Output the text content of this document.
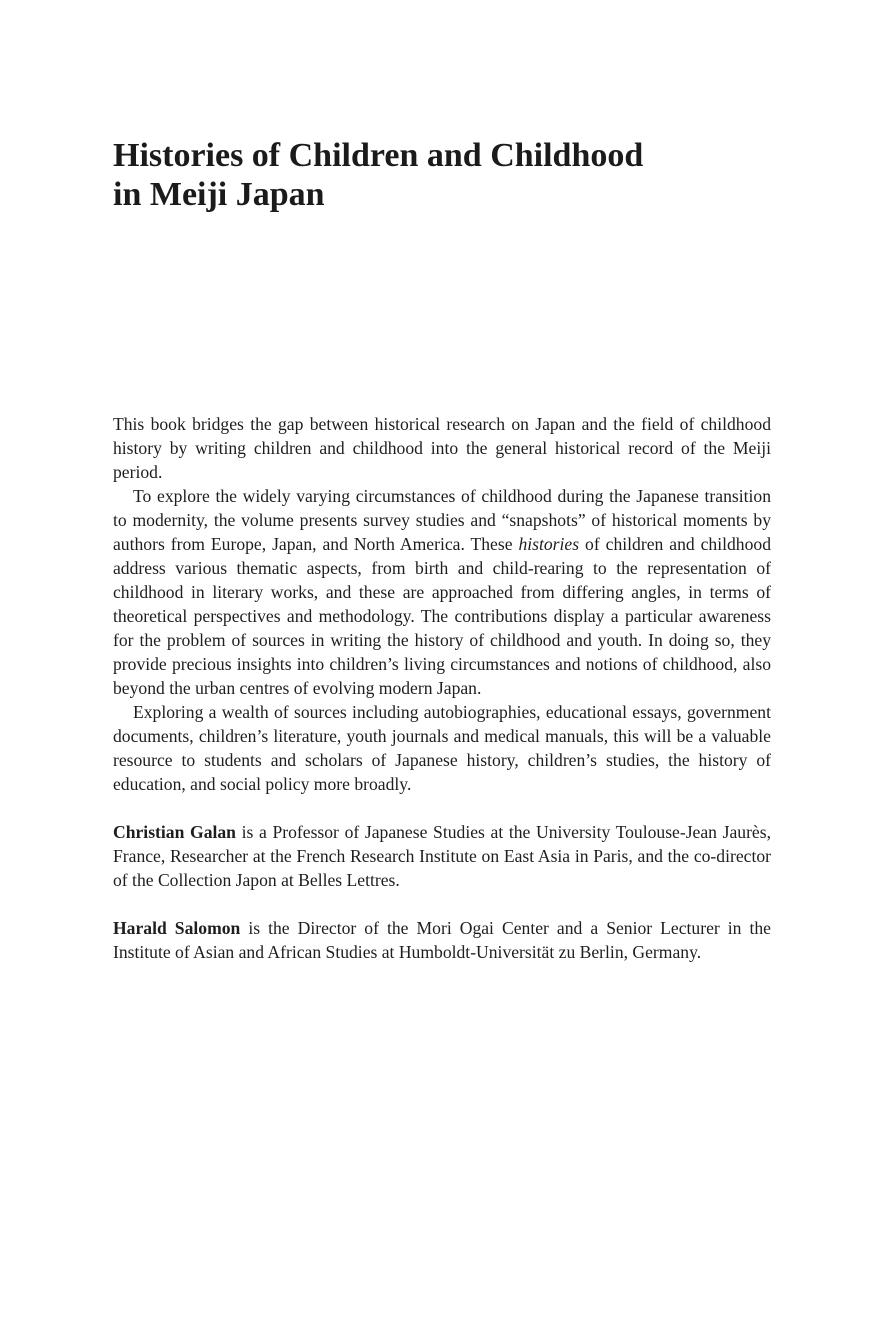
Histories of Children and Childhood
in Meiji Japan

This book bridges the gap between historical research on Japan and the field of childhood history by writing children and childhood into the general historical record of the Meiji period.

To explore the widely varying circumstances of childhood during the Japanese transition to modernity, the volume presents survey studies and “snapshots” of historical moments by authors from Europe, Japan, and North America. These histories of children and childhood address various thematic aspects, from birth and child-rearing to the representation of childhood in literary works, and these are approached from differing angles, in terms of theoretical perspectives and methodology. The contributions display a particular awareness for the problem of sources in writing the history of childhood and youth. In doing so, they provide precious insights into children’s living circumstances and notions of childhood, also beyond the urban centres of evolving modern Japan.

Exploring a wealth of sources including autobiographies, educational essays, government documents, children’s literature, youth journals and medical manuals, this will be a valuable resource to students and scholars of Japanese history, children’s studies, the history of education, and social policy more broadly.

Christian Galan is a Professor of Japanese Studies at the University Toulouse-Jean Jaurès, France, Researcher at the French Research Institute on East Asia in Paris, and the co-director of the Collection Japon at Belles Lettres.

Harald Salomon is the Director of the Mori Ogai Center and a Senior Lecturer in the Institute of Asian and African Studies at Humboldt-Universität zu Berlin, Germany.
